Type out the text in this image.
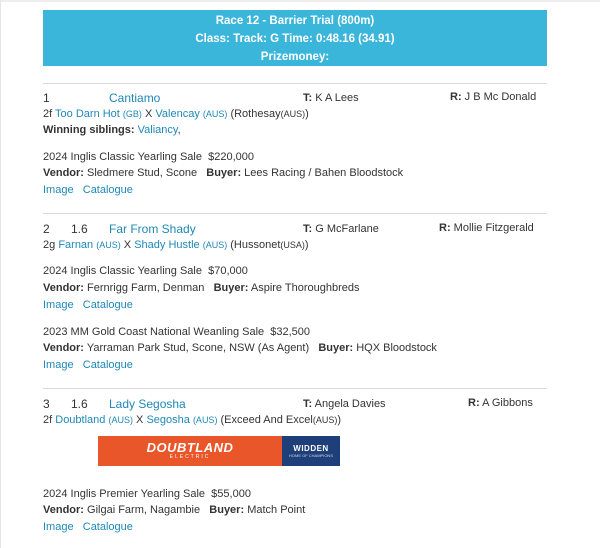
Race 12 - Barrier Trial (800m)
Class: Track: G Time: 0:48.16 (34.91)
Prizemoney:
1	Cantiamo	T: K A Lees	R: J B Mc Donald
2f Too Darn Hot (GB) X Valencay (AUS) (Rothesay(AUS))
Winning siblings: Valiancy,
2024 Inglis Classic Yearling Sale $220,000
Vendor: Sledmere Stud, Scone Buyer: Lees Racing / Bahen Bloodstock
Image Catalogue
2 1.6 Far From Shady	T: G McFarlane	R: Mollie Fitzgerald
2g Farnan (AUS) X Shady Hustle (AUS) (Hussonet(USA))
2024 Inglis Classic Yearling Sale $70,000
Vendor: Fernrigg Farm, Denman Buyer: Aspire Thoroughbreds
Image Catalogue
2023 MM Gold Coast National Weanling Sale $32,500
Vendor: Yarraman Park Stud, Scone, NSW (As Agent) Buyer: HQX Bloodstock
Image Catalogue
3 1.6 Lady Segosha	T: Angela Davies	R: A Gibbons
2f Doubtland (AUS) X Segosha (AUS) (Exceed And Excel(AUS))
DOUBTLAND
ELECTRIC
WIDDEN
HOME OF CHAMPIONS
2024 Inglis Premier Yearling Sale $55,000
Vendor: Gilgai Farm, Nagambie Buyer: Match Point
Image Catalogue
